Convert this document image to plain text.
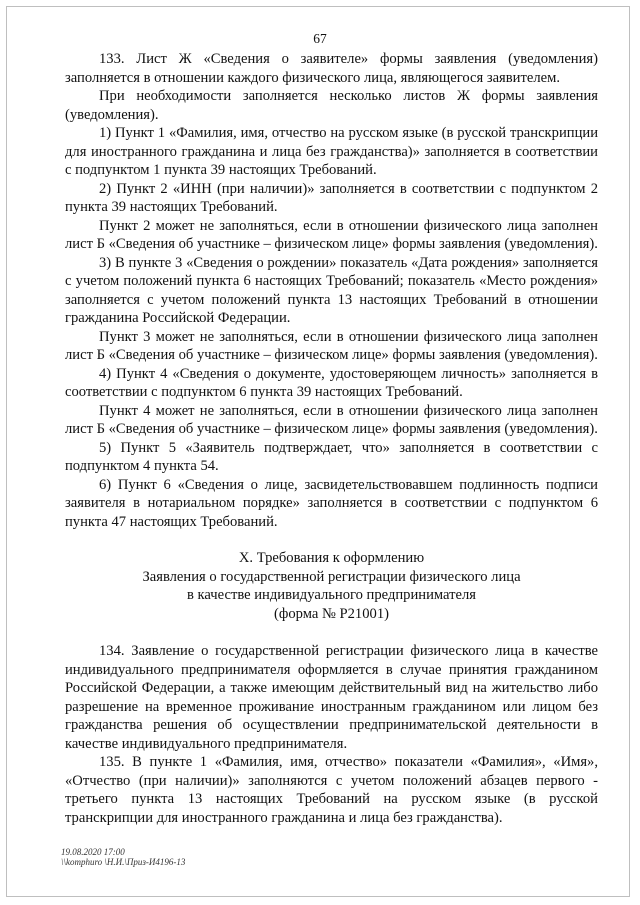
67

133. Лист Ж «Сведения о заявителе» формы заявления (уведомления) заполняется в отношении каждого физического лица, являющегося заявителем.

При необходимости заполняется несколько листов Ж формы заявления (уведомления).

1) Пункт 1 «Фамилия, имя, отчество на русском языке (в русской транскрипции для иностранного гражданина и лица без гражданства)» заполняется в соответствии с подпунктом 1 пункта 39 настоящих Требований.

2) Пункт 2 «ИНН (при наличии)» заполняется в соответствии с подпунктом 2 пункта 39 настоящих Требований.

Пункт 2 может не заполняться, если в отношении физического лица заполнен лист Б «Сведения об участнике – физическом лице» формы заявления (уведомления).

3) В пункте 3 «Сведения о рождении» показатель «Дата рождения» заполняется с учетом положений пункта 6 настоящих Требований; показатель «Место рождения» заполняется с учетом положений пункта 13 настоящих Требований в отношении гражданина Российской Федерации.

Пункт 3 может не заполняться, если в отношении физического лица заполнен лист Б «Сведения об участнике – физическом лице» формы заявления (уведомления).

4) Пункт 4 «Сведения о документе, удостоверяющем личность» заполняется в соответствии с подпунктом 6 пункта 39 настоящих Требований.

Пункт 4 может не заполняться, если в отношении физического лица заполнен лист Б «Сведения об участнике – физическом лице» формы заявления (уведомления).

5) Пункт 5 «Заявитель подтверждает, что» заполняется в соответствии с подпунктом 4 пункта 54.

6) Пункт 6 «Сведения о лице, засвидетельствовавшем подлинность подписи заявителя в нотариальном порядке» заполняется в соответствии с подпунктом 6 пункта 47 настоящих Требований.

X. Требования к оформлению
Заявления о государственной регистрации физического лица
в качестве индивидуального предпринимателя
(форма № Р21001)

134. Заявление о государственной регистрации физического лица в качестве индивидуального предпринимателя оформляется в случае принятия гражданином Российской Федерации, а также имеющим действительный вид на жительство либо разрешение на временное проживание иностранным гражданином или лицом без гражданства решения об осуществлении предпринимательской деятельности в качестве индивидуального предпринимателя.

135. В пункте 1 «Фамилия, имя, отчество» показатели «Фамилия», «Имя», «Отчество (при наличии)» заполняются с учетом положений абзацев первого - третьего пункта 13 настоящих Требований на русском языке (в русской транскрипции для иностранного гражданина и лица без гражданства).

19.08.2020 17:00
\\komphuro \Н.И.\Приз-И4196-13
